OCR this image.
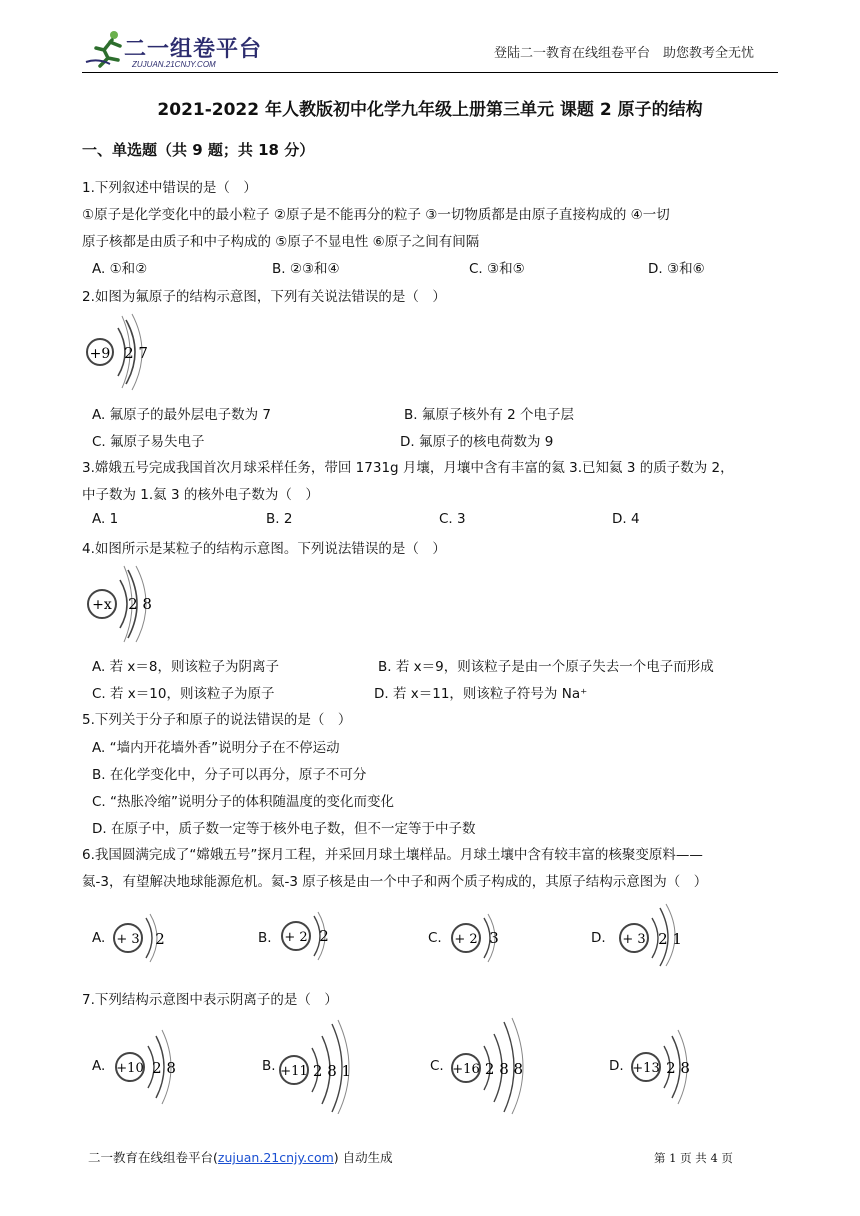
二一组卷平台
ZUJUAN.21CNJY.COM
登陆二一教育在线组卷平台　助您教考全无忧
2021-2022 年人教版初中化学九年级上册第三单元 课题 2 原子的结构
一、单选题（共 9 题；共 18 分）
1.下列叙述中错误的是（　）
①原子是化学变化中的最小粒子 ②原子是不能再分的粒子 ③一切物质都是由原子直接构成的 ④一切
原子核都是由质子和中子构成的 ⑤原子不显电性 ⑥原子之间有间隔
A. ①和②	B. ②③和④	C. ③和⑤	D. ③和⑥
2.如图为氟原子的结构示意图，下列有关说法错误的是（　）
+9 2 7
A. 氟原子的最外层电子数为 7	B. 氟原子核外有 2 个电子层
C. 氟原子易失电子	D. 氟原子的核电荷数为 9
3.嫦娥五号完成我国首次月球采样任务，带回 1731g 月壤，月壤中含有丰富的氦 3.已知氦 3 的质子数为 2，
中子数为 1.氦 3 的核外电子数为（　）
A. 1	B. 2	C. 3	D. 4
4.如图所示是某粒子的结构示意图。下列说法错误的是（　）
+x 2 8
A. 若 x＝8，则该粒子为阴离子	B. 若 x＝9，则该粒子是由一个原子失去一个电子而形成
C. 若 x＝10，则该粒子为原子	D. 若 x＝11，则该粒子符号为 Na⁺
5.下列关于分子和原子的说法错误的是（　）
A. “墙内开花墙外香”说明分子在不停运动
B. 在化学变化中，分子可以再分，原子不可分
C. “热胀冷缩”说明分子的体积随温度的变化而变化
D. 在原子中，质子数一定等于核外电子数，但不一定等于中子数
6.我国圆满完成了“嫦娥五号”探月工程，并采回月球土壤样品。月球土壤中含有较丰富的核聚变原料——
氦-3，有望解决地球能源危机。氦-3 原子核是由一个中子和两个质子构成的，其原子结构示意图为（　）
A. + 3 2	B. + 2 2	C. + 2 3	D. + 3 2 1
7.下列结构示意图中表示阴离子的是（　）
A. +10 2 8	B. +11 2 8 1	C. +16 2 8 8	D. +13 2 8
二一教育在线组卷平台(zujuan.21cnjy.com) 自动生成	第 1 页 共 4 页
